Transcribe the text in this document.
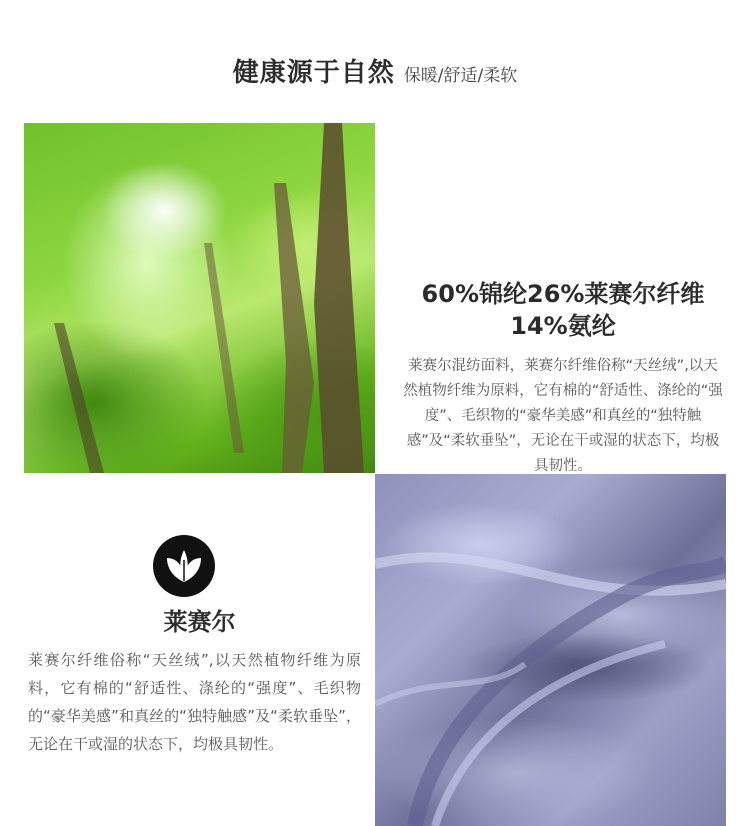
健康源于自然 保暖/舒适/柔软

60%锦纶26%莱赛尔纤维

14%氨纶

莱赛尔混纺面料，莱赛尔纤维俗称“天丝绒”,以天然植物纤维为原料，它有棉的“舒适性、涤纶的“强度”、毛织物的“豪华美感”和真丝的“独特触感”及“柔软垂坠”，无论在干或湿的状态下，均极具韧性。

莱赛尔

莱赛尔纤维俗称“天丝绒”,以天然植物纤维为原料，它有棉的“舒适性、涤纶的“强度”、毛织物的“豪华美感”和真丝的“独特触感”及“柔软垂坠”，无论在干或湿的状态下，均极具韧性。
